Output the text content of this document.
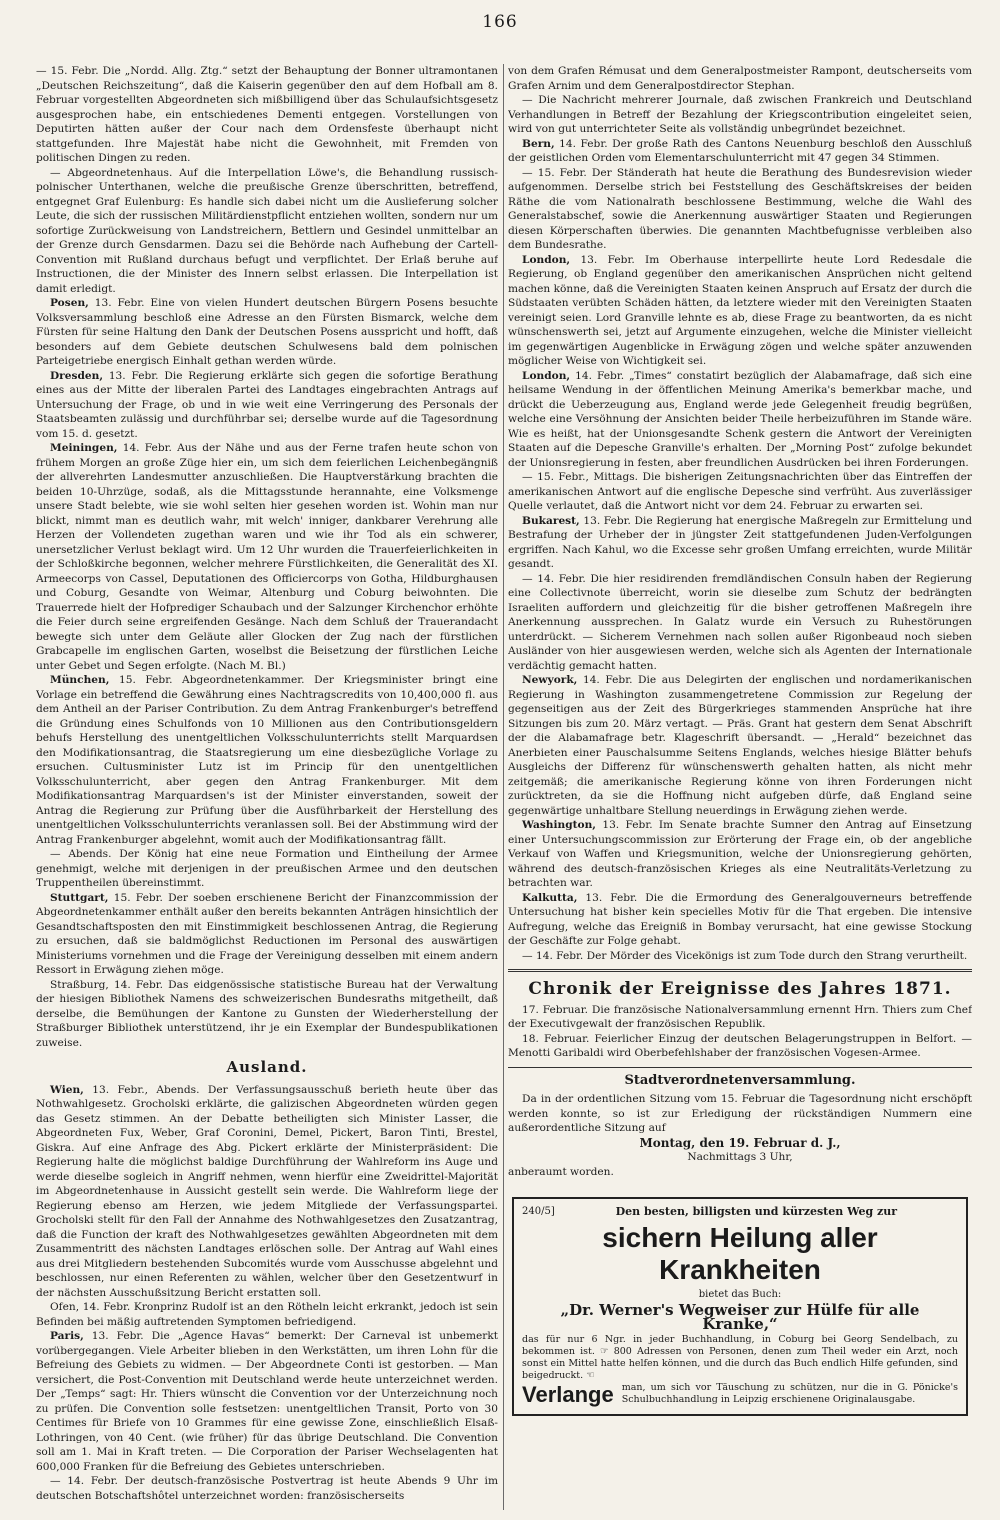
166

— 15. Febr. Die „Nordd. Allg. Ztg.“ setzt der Behauptung der Bonner ultramontanen „Deutschen Reichszeitung“, daß die Kaiserin gegenüber den auf dem Hofball am 8. Februar vorgestellten Abgeordneten sich mißbilligend über das Schulaufsichtsgesetz ausgesprochen habe, ein entschiedenes Dementi entgegen. Vorstellungen von Deputirten hätten außer der Cour nach dem Ordensfeste überhaupt nicht stattgefunden. Ihre Majestät habe nicht die Gewohnheit, mit Fremden von politischen Dingen zu reden.

— Abgeordnetenhaus. Auf die Interpellation Löwe's, die Behandlung russisch-polnischer Unterthanen, welche die preußische Grenze überschritten, betreffend, entgegnet Graf Eulenburg: Es handle sich dabei nicht um die Auslieferung solcher Leute, die sich der russischen Militärdienstpflicht entziehen wollten, sondern nur um sofortige Zurückweisung von Landstreichern, Bettlern und Gesindel unmittelbar an der Grenze durch Gensdarmen. Dazu sei die Behörde nach Aufhebung der Cartell-Convention mit Rußland durchaus befugt und verpflichtet. Der Erlaß beruhe auf Instructionen, die der Minister des Innern selbst erlassen. Die Interpellation ist damit erledigt.

Posen, 13. Febr. Eine von vielen Hundert deutschen Bürgern Posens besuchte Volksversammlung beschloß eine Adresse an den Fürsten Bismarck, welche dem Fürsten für seine Haltung den Dank der Deutschen Posens ausspricht und hofft, daß besonders auf dem Gebiete deutschen Schulwesens bald dem polnischen Parteigetriebe energisch Einhalt gethan werden würde.

Dresden, 13. Febr. Die Regierung erklärte sich gegen die sofortige Berathung eines aus der Mitte der liberalen Partei des Landtages eingebrachten Antrags auf Untersuchung der Frage, ob und in wie weit eine Verringerung des Personals der Staatsbeamten zulässig und durchführbar sei; derselbe wurde auf die Tagesordnung vom 15. d. gesetzt.

Meiningen, 14. Febr. Aus der Nähe und aus der Ferne trafen heute schon von frühem Morgen an große Züge hier ein, um sich dem feierlichen Leichenbegängniß der allverehrten Landesmutter anzuschließen. Die Hauptverstärkung brachten die beiden 10-Uhrzüge, sodaß, als die Mittagsstunde herannahte, eine Volksmenge unsere Stadt belebte, wie sie wohl selten hier gesehen worden ist. Wohin man nur blickt, nimmt man es deutlich wahr, mit welch' inniger, dankbarer Verehrung alle Herzen der Vollendeten zugethan waren und wie ihr Tod als ein schwerer, unersetzlicher Verlust beklagt wird. Um 12 Uhr wurden die Trauerfeierlichkeiten in der Schloßkirche begonnen, welcher mehrere Fürstlichkeiten, die Generalität des XI. Armeecorps von Cassel, Deputationen des Officiercorps von Gotha, Hildburghausen und Coburg, Gesandte von Weimar, Altenburg und Coburg beiwohnten. Die Trauerrede hielt der Hofprediger Schaubach und der Salzunger Kirchenchor erhöhte die Feier durch seine ergreifenden Gesänge. Nach dem Schluß der Trauerandacht bewegte sich unter dem Geläute aller Glocken der Zug nach der fürstlichen Grabcapelle im englischen Garten, woselbst die Beisetzung der fürstlichen Leiche unter Gebet und Segen erfolgte. (Nach M. Bl.)

München, 15. Febr. Abgeordnetenkammer. Der Kriegsminister bringt eine Vorlage ein betreffend die Gewährung eines Nachtragscredits von 10,400,000 fl. aus dem Antheil an der Pariser Contribution. Zu dem Antrag Frankenburger's betreffend die Gründung eines Schulfonds von 10 Millionen aus den Contributionsgeldern behufs Herstellung des unentgeltlichen Volksschulunterrichts stellt Marquardsen den Modifikationsantrag, die Staatsregierung um eine diesbezügliche Vorlage zu ersuchen. Cultusminister Lutz ist im Princip für den unentgeltlichen Volksschulunterricht, aber gegen den Antrag Frankenburger. Mit dem Modifikationsantrag Marquardsen's ist der Minister einverstanden, soweit der Antrag die Regierung zur Prüfung über die Ausführbarkeit der Herstellung des unentgeltlichen Volksschulunterrichts veranlassen soll. Bei der Abstimmung wird der Antrag Frankenburger abgelehnt, womit auch der Modifikationsantrag fällt.

— Abends. Der König hat eine neue Formation und Eintheilung der Armee genehmigt, welche mit derjenigen in der preußischen Armee und den deutschen Truppentheilen übereinstimmt.

Stuttgart, 15. Febr. Der soeben erschienene Bericht der Finanzcommission der Abgeordnetenkammer enthält außer den bereits bekannten Anträgen hinsichtlich der Gesandtschaftsposten den mit Einstimmigkeit beschlossenen Antrag, die Regierung zu ersuchen, daß sie baldmöglichst Reductionen im Personal des auswärtigen Ministeriums vornehmen und die Frage der Vereinigung desselben mit einem andern Ressort in Erwägung ziehen möge.

Straßburg, 14. Febr. Das eidgenössische statistische Bureau hat der Verwaltung der hiesigen Bibliothek Namens des schweizerischen Bundesraths mitgetheilt, daß derselbe, die Bemühungen der Kantone zu Gunsten der Wiederherstellung der Straßburger Bibliothek unterstützend, ihr je ein Exemplar der Bundespublikationen zuweise.

Ausland.

Wien, 13. Febr., Abends. Der Verfassungsausschuß berieth heute über das Nothwahlgesetz. Grocholski erklärte, die galizischen Abgeordneten würden gegen das Gesetz stimmen. An der Debatte betheiligten sich Minister Lasser, die Abgeordneten Fux, Weber, Graf Coronini, Demel, Pickert, Baron Tinti, Brestel, Giskra. Auf eine Anfrage des Abg. Pickert erklärte der Ministerpräsident: Die Regierung halte die möglichst baldige Durchführung der Wahlreform ins Auge und werde dieselbe sogleich in Angriff nehmen, wenn hierfür eine Zweidrittel-Majorität im Abgeordnetenhause in Aussicht gestellt sein werde. Die Wahlreform liege der Regierung ebenso am Herzen, wie jedem Mitgliede der Verfassungspartei. Grocholski stellt für den Fall der Annahme des Nothwahlgesetzes den Zusatzantrag, daß die Function der kraft des Nothwahlgesetzes gewählten Abgeordneten mit dem Zusammentritt des nächsten Landtages erlöschen solle. Der Antrag auf Wahl eines aus drei Mitgliedern bestehenden Subcomités wurde vom Ausschusse abgelehnt und beschlossen, nur einen Referenten zu wählen, welcher über den Gesetzentwurf in der nächsten Ausschußsitzung Bericht erstatten soll.

Ofen, 14. Febr. Kronprinz Rudolf ist an den Rötheln leicht erkrankt, jedoch ist sein Befinden bei mäßig auftretenden Symptomen befriedigend.

Paris, 13. Febr. Die „Agence Havas“ bemerkt: Der Carneval ist unbemerkt vorübergegangen. Viele Arbeiter blieben in den Werkstätten, um ihren Lohn für die Befreiung des Gebiets zu widmen. — Der Abgeordnete Conti ist gestorben. — Man versichert, die Post-Convention mit Deutschland werde heute unterzeichnet werden. Der „Temps“ sagt: Hr. Thiers wünscht die Convention vor der Unterzeichnung noch zu prüfen. Die Convention solle festsetzen: unentgeltlichen Transit, Porto von 30 Centimes für Briefe von 10 Grammes für eine gewisse Zone, einschließlich Elsaß-Lothringen, von 40 Cent. (wie früher) für das übrige Deutschland. Die Convention soll am 1. Mai in Kraft treten. — Die Corporation der Pariser Wechselagenten hat 600,000 Franken für die Befreiung des Gebietes unterschrieben.

— 14. Febr. Der deutsch-französische Postvertrag ist heute Abends 9 Uhr im deutschen Botschaftshôtel unterzeichnet worden: französischerseits

von dem Grafen Rémusat und dem Generalpostmeister Rampont, deutscherseits vom Grafen Arnim und dem Generalpostdirector Stephan.

— Die Nachricht mehrerer Journale, daß zwischen Frankreich und Deutschland Verhandlungen in Betreff der Bezahlung der Kriegscontribution eingeleitet seien, wird von gut unterrichteter Seite als vollständig unbegründet bezeichnet.

Bern, 14. Febr. Der große Rath des Cantons Neuenburg beschloß den Ausschluß der geistlichen Orden vom Elementarschulunterricht mit 47 gegen 34 Stimmen.

— 15. Febr. Der Ständerath hat heute die Berathung des Bundesrevision wieder aufgenommen. Derselbe strich bei Feststellung des Geschäftskreises der beiden Räthe die vom Nationalrath beschlossene Bestimmung, welche die Wahl des Generalstabschef, sowie die Anerkennung auswärtiger Staaten und Regierungen diesen Körperschaften überwies. Die genannten Machtbefugnisse verbleiben also dem Bundesrathe.

London, 13. Febr. Im Oberhause interpellirte heute Lord Redesdale die Regierung, ob England gegenüber den amerikanischen Ansprüchen nicht geltend machen könne, daß die Vereinigten Staaten keinen Anspruch auf Ersatz der durch die Südstaaten verübten Schäden hätten, da letztere wieder mit den Vereinigten Staaten vereinigt seien. Lord Granville lehnte es ab, diese Frage zu beantworten, da es nicht wünschenswerth sei, jetzt auf Argumente einzugehen, welche die Minister vielleicht im gegenwärtigen Augenblicke in Erwägung zögen und welche später anzuwenden möglicher Weise von Wichtigkeit sei.

London, 14. Febr. „Times“ constatirt bezüglich der Alabamafrage, daß sich eine heilsame Wendung in der öffentlichen Meinung Amerika's bemerkbar mache, und drückt die Ueberzeugung aus, England werde jede Gelegenheit freudig begrüßen, welche eine Versöhnung der Ansichten beider Theile herbeizuführen im Stande wäre. Wie es heißt, hat der Unionsgesandte Schenk gestern die Antwort der Vereinigten Staaten auf die Depesche Granville's erhalten. Der „Morning Post“ zufolge bekundet der Unionsregierung in festen, aber freundlichen Ausdrücken bei ihren Forderungen.

— 15. Febr., Mittags. Die bisherigen Zeitungsnachrichten über das Eintreffen der amerikanischen Antwort auf die englische Depesche sind verfrüht. Aus zuverlässiger Quelle verlautet, daß die Antwort nicht vor dem 24. Februar zu erwarten sei.

Bukarest, 13. Febr. Die Regierung hat energische Maßregeln zur Ermittelung und Bestrafung der Urheber der in jüngster Zeit stattgefundenen Juden-Verfolgungen ergriffen. Nach Kahul, wo die Excesse sehr großen Umfang erreichten, wurde Militär gesandt.

— 14. Febr. Die hier residirenden fremdländischen Consuln haben der Regierung eine Collectivnote überreicht, worin sie dieselbe zum Schutz der bedrängten Israeliten auffordern und gleichzeitig für die bisher getroffenen Maßregeln ihre Anerkennung aussprechen. In Galatz wurde ein Versuch zu Ruhestörungen unterdrückt. — Sicherem Vernehmen nach sollen außer Rigonbeaud noch sieben Ausländer von hier ausgewiesen werden, welche sich als Agenten der Internationale verdächtig gemacht hatten.

Newyork, 14. Febr. Die aus Delegirten der englischen und nordamerikanischen Regierung in Washington zusammengetretene Commission zur Regelung der gegenseitigen aus der Zeit des Bürgerkrieges stammenden Ansprüche hat ihre Sitzungen bis zum 20. März vertagt. — Präs. Grant hat gestern dem Senat Abschrift der die Alabamafrage betr. Klageschrift übersandt. — „Herald“ bezeichnet das Anerbieten einer Pauschalsumme Seitens Englands, welches hiesige Blätter behufs Ausgleichs der Differenz für wünschenswerth gehalten hatten, als nicht mehr zeitgemäß; die amerikanische Regierung könne von ihren Forderungen nicht zurücktreten, da sie die Hoffnung nicht aufgeben dürfe, daß England seine gegenwärtige unhaltbare Stellung neuerdings in Erwägung ziehen werde.

Washington, 13. Febr. Im Senate brachte Sumner den Antrag auf Einsetzung einer Untersuchungscommission zur Erörterung der Frage ein, ob der angebliche Verkauf von Waffen und Kriegsmunition, welche der Unionsregierung gehörten, während des deutsch-französischen Krieges als eine Neutralitäts-Verletzung zu betrachten war.

Kalkutta, 13. Febr. Die die Ermordung des Generalgouverneurs betreffende Untersuchung hat bisher kein specielles Motiv für die That ergeben. Die intensive Aufregung, welche das Ereigniß in Bombay verursacht, hat eine gewisse Stockung der Geschäfte zur Folge gehabt.

— 14. Febr. Der Mörder des Vicekönigs ist zum Tode durch den Strang verurtheilt.

Chronik der Ereignisse des Jahres 1871.

17. Februar. Die französische Nationalversammlung ernennt Hrn. Thiers zum Chef der Executivgewalt der französischen Republik.

18. Februar. Feierlicher Einzug der deutschen Belagerungstruppen in Belfort. — Menotti Garibaldi wird Oberbefehlshaber der französischen Vogesen-Armee.

Stadtverordnetenversammlung.

Da in der ordentlichen Sitzung vom 15. Februar die Tagesordnung nicht erschöpft werden konnte, so ist zur Erledigung der rückständigen Nummern eine außerordentliche Sitzung auf

Montag, den 19. Februar d. J.,

Nachmittags 3 Uhr,

anberaumt worden.

240/5]	Den besten, billigsten und kürzesten Weg zur
sichern Heilung aller Krankheiten
bietet das Buch:
„Dr. Werner's Wegweiser zur Hülfe für alle Kranke,“
das für nur 6 Ngr. in jeder Buchhandlung, in Coburg bei Georg Sendelbach, zu bekommen ist. ☞ 800 Adressen von Personen, denen zum Theil weder ein Arzt, noch sonst ein Mittel hatte helfen können, und die durch das Buch endlich Hilfe gefunden, sind beigedruckt. ☜
Verlange man, um sich vor Täuschung zu schützen, nur die in G. Pönicke's Schulbuchhandlung in Leipzig erschienene Originalausgabe.
